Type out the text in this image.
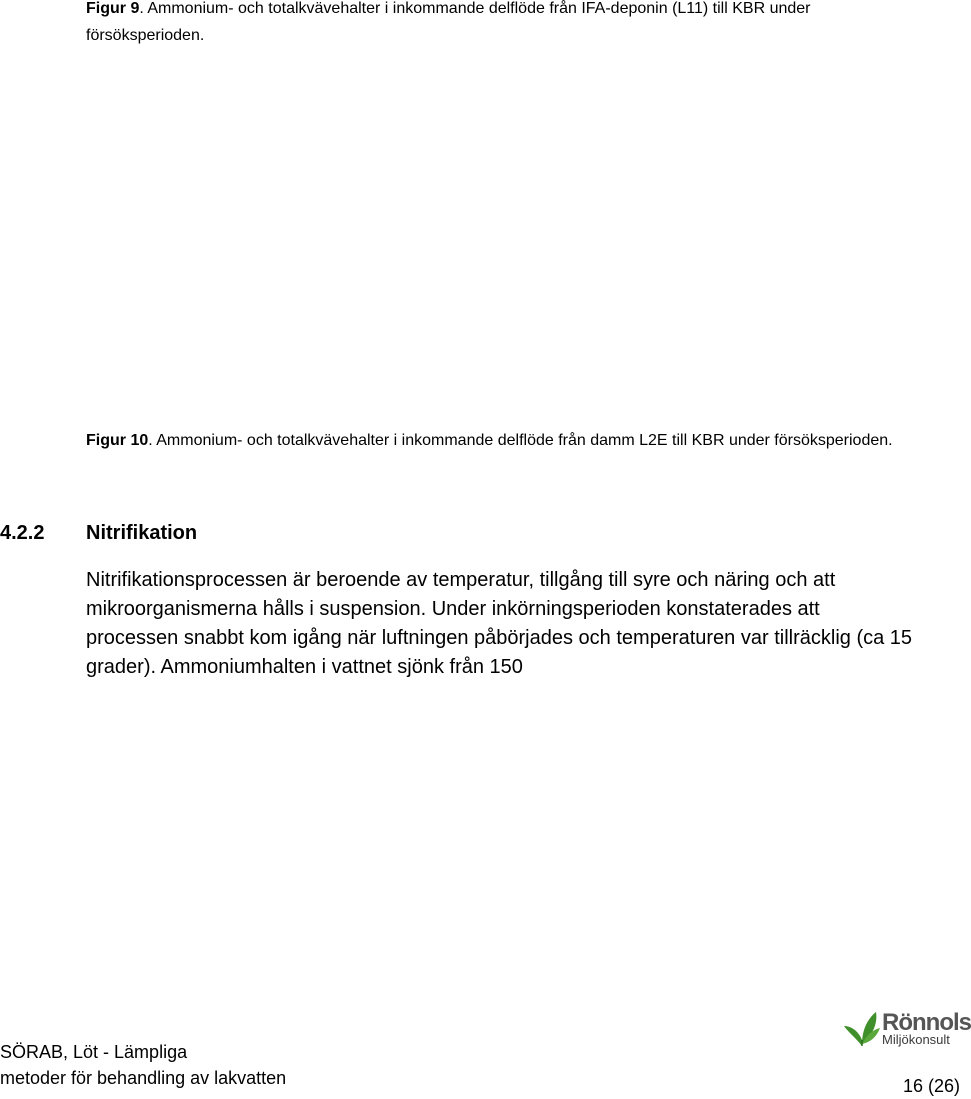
Figur 9. Ammonium- och totalkvävehalter i inkommande delflöde från IFA-deponin (L11) till KBR under försöksperioden.

Figur 10. Ammonium- och totalkvävehalter i inkommande delflöde från damm L2E till KBR under försöksperioden.

4.2.2 Nitrifikation

Nitrifikationsprocessen är beroende av temperatur, tillgång till syre och näring och att mikroorganismerna hålls i suspension. Under inkörningsperioden konstaterades att processen snabbt kom igång när luftningen påbörjades och temperaturen var tillräcklig (ca 15 grader). Ammoniumhalten i vattnet sjönk från 150

SÖRAB, Löt - Lämpliga
metoder för behandling av lakvatten
Rönnols
Miljökonsult
16 (26)
